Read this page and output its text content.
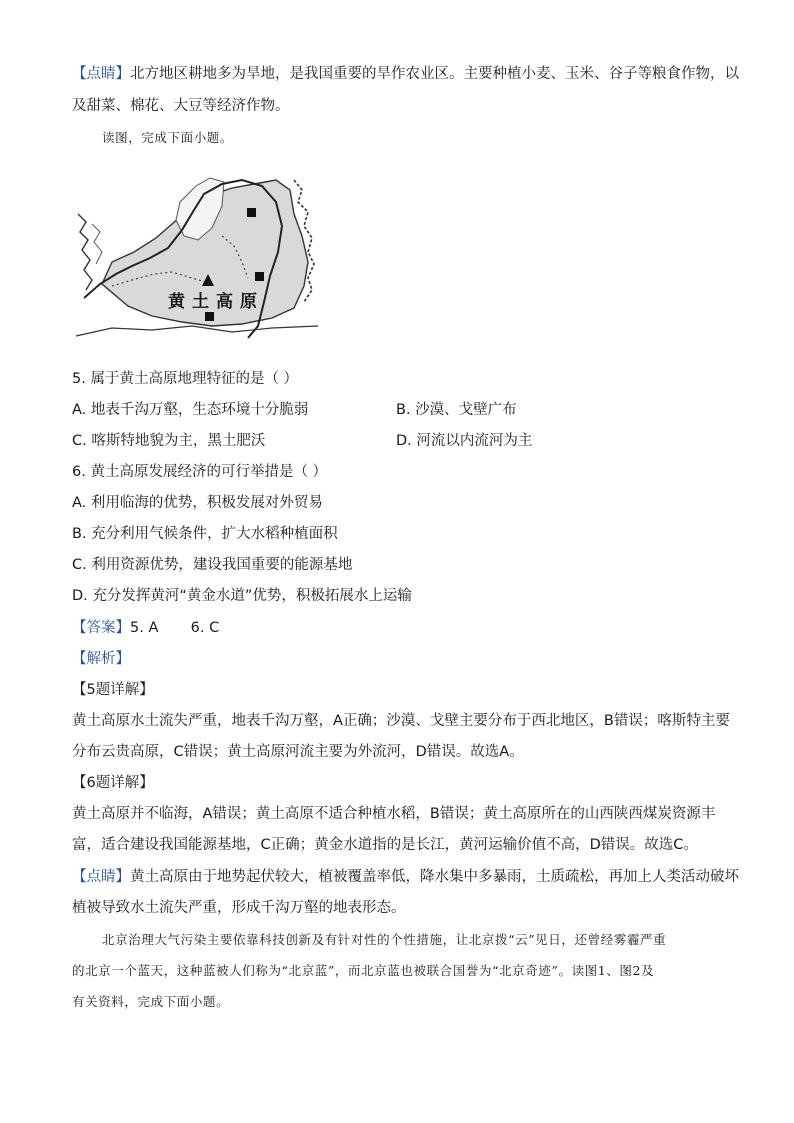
【点睛】北方地区耕地多为旱地，是我国重要的旱作农业区。主要种植小麦、玉米、谷子等粮食作物，以
及甜菜、棉花、大豆等经济作物。
读图，完成下面小题。
黄土高原
5. 属于黄土高原地理特征的是（ ）
A. 地表千沟万壑，生态环境十分脆弱	B. 沙漠、戈壁广布
C. 喀斯特地貌为主，黑土肥沃	D. 河流以内流河为主
6. 黄土高原发展经济的可行举措是（ ）
A. 利用临海的优势，积极发展对外贸易
B. 充分利用气候条件，扩大水稻种植面积
C. 利用资源优势，建设我国重要的能源基地
D. 充分发挥黄河“黄金水道”优势，积极拓展水上运输
【答案】5. A       6. C
【解析】
【5题详解】
黄土高原水土流失严重，地表千沟万壑，A正确；沙漠、戈壁主要分布于西北地区，B错误；喀斯特主要
分布云贵高原，C错误；黄土高原河流主要为外流河，D错误。故选A。
【6题详解】
黄土高原并不临海，A错误；黄土高原不适合种植水稻，B错误；黄土高原所在的山西陕西煤炭资源丰
富，适合建设我国能源基地，C正确；黄金水道指的是长江，黄河运输价值不高，D错误。故选C。
【点睛】黄土高原由于地势起伏较大，植被覆盖率低，降水集中多暴雨，土质疏松，再加上人类活动破坏
植被导致水土流失严重，形成千沟万壑的地表形态。
北京治理大气污染主要依靠科技创新及有针对性的个性措施，让北京拨“云”见日，还曾经雾霾严重
的北京一个蓝天，这种蓝被人们称为“北京蓝”，而北京蓝也被联合国誉为“北京奇迹”。读图1、图2及
有关资料，完成下面小题。
